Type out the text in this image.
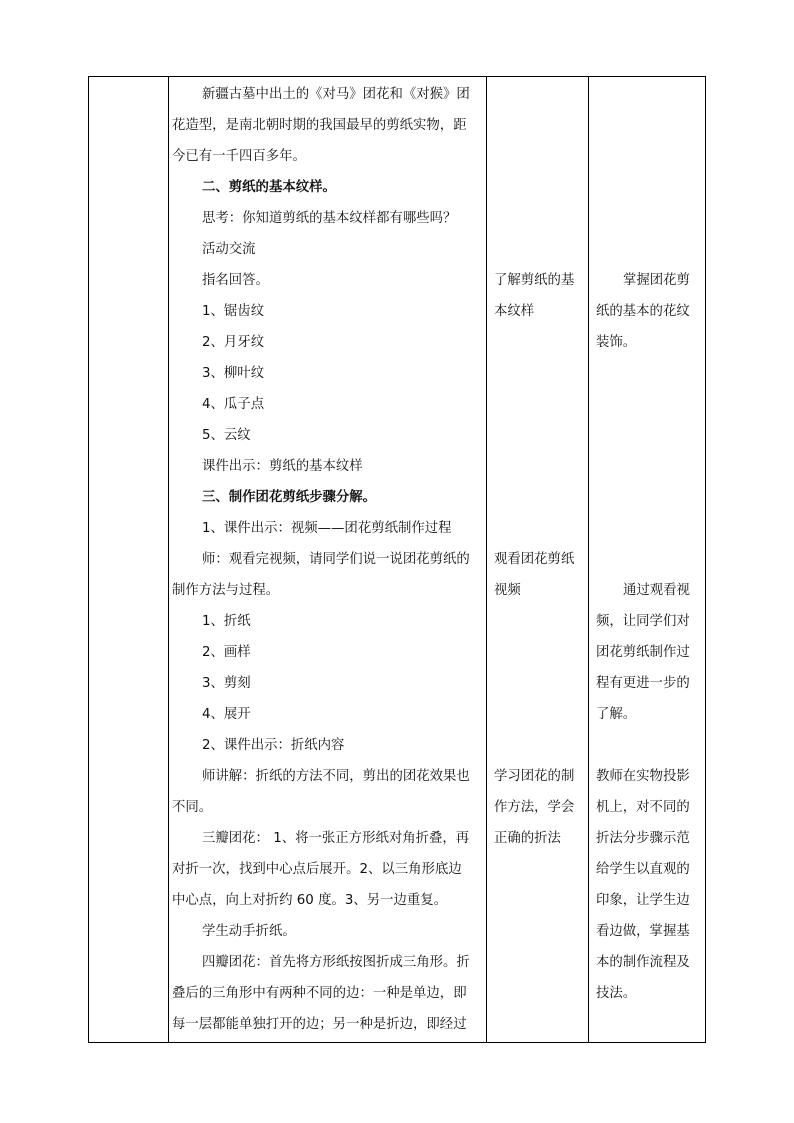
新疆古墓中出土的《对马》团花和《对猴》团
花造型，是南北朝时期的我国最早的剪纸实物，距
今已有一千四百多年。
二、剪纸的基本纹样。
思考：你知道剪纸的基本纹样都有哪些吗？
活动交流
指名回答。
1、锯齿纹
2、月牙纹
3、柳叶纹
4、瓜子点
5、云纹
课件出示：剪纸的基本纹样
三、制作团花剪纸步骤分解。
1、课件出示：视频——团花剪纸制作过程
师：观看完视频，请同学们说一说团花剪纸的
制作方法与过程。
1、折纸
2、画样
3、剪刻
4、展开
2、课件出示：折纸内容
师讲解：折纸的方法不同，剪出的团花效果也
不同。
三瓣团花： 1、将一张正方形纸对角折叠，再
对折一次，找到中心点后展开。2、以三角形底边
中心点，向上对折约 60 度。3、另一边重复。
学生动手折纸。
四瓣团花：首先将方形纸按图折成三角形。折
叠后的三角形中有两种不同的边：一种是单边，即
每一层都能单独打开的边；另一种是折边，即经过
了解剪纸的基
本纹样
观看团花剪纸
视频
学习团花的制
作方法，学会
正确的折法
掌握团花剪
纸的基本的花纹
装饰。
通过观看视
频，让同学们对
团花剪纸制作过
程有更进一步的
了解。
教师在实物投影
机上，对不同的
折法分步骤示范
给学生以直观的
印象，让学生边
看边做，掌握基
本的制作流程及
技法。
